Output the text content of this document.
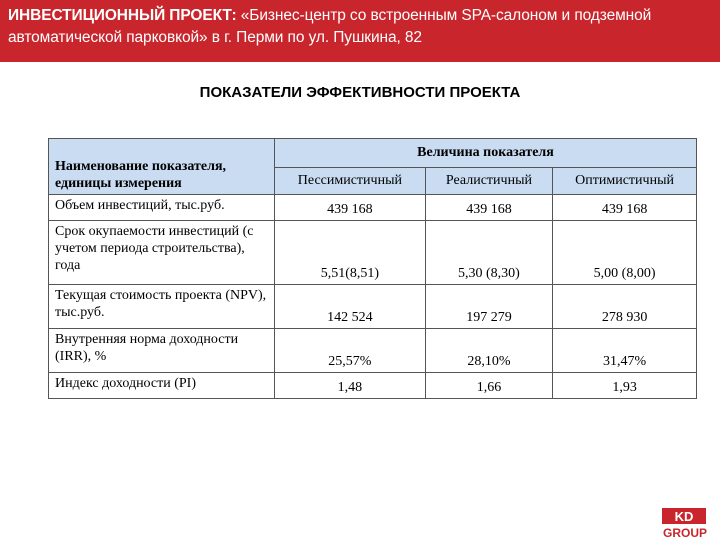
ИНВЕСТИЦИОННЫЙ ПРОЕКТ: «Бизнес-центр со встроенным SPA-салоном и подземной автоматической парковкой» в г. Перми по ул. Пушкина, 82
ПОКАЗАТЕЛИ ЭФФЕКТИВНОСТИ ПРОЕКТА
Наименование показателя, единицы измерения	Величина показателя		
	Пессимистичный	Реалистичный	Оптимистичный
Объем инвестиций, тыс.руб.	439 168	439 168	439 168
Срок окупаемости инвестиций (с учетом периода строительства), года	5,51(8,51)	5,30 (8,30)	5,00 (8,00)
Текущая стоимость проекта (NPV), тыс.руб.	142 524	197 279	278 930
Внутренняя норма доходности (IRR), %	25,57%	28,10%	31,47%
Индекс доходности (PI)	1,48	1,66	1,93
KD
GROUP
